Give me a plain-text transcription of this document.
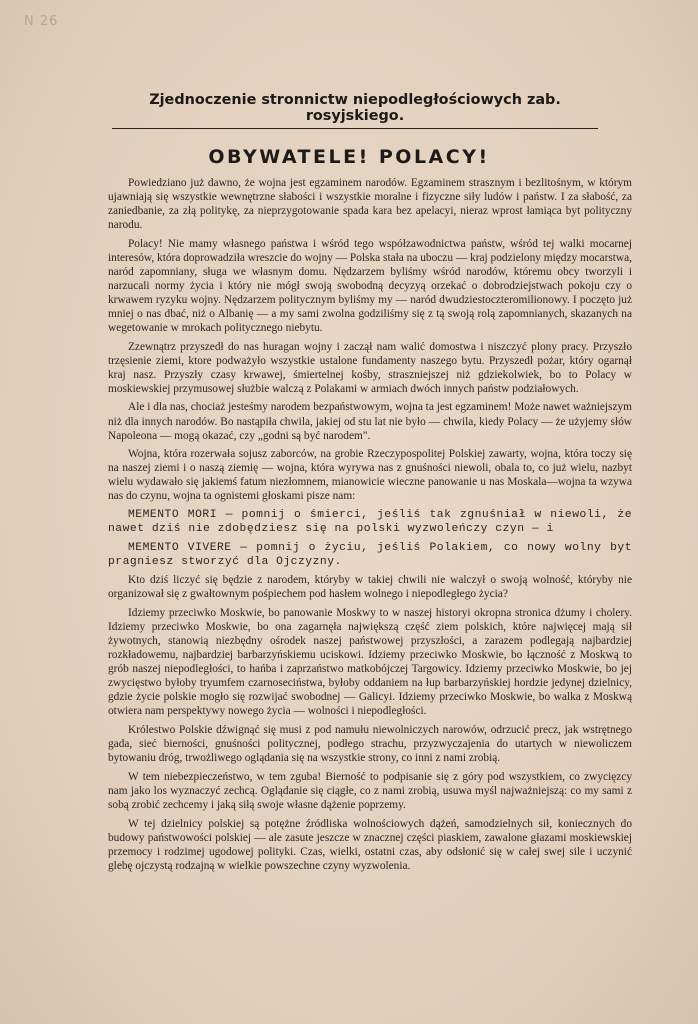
N 26
Zjednoczenie stronnictw niepodległościowych zab. rosyjskiego.
OBYWATELE! POLACY!

Powiedziano już dawno, że wojna jest egzaminem narodów. Egzaminem strasznym i bezlitośnym, w którym ujawniają się wszystkie wewnętrzne słabości i wszystkie moralne i fizyczne siły ludów i państw. I za słabość, za zaniedbanie, za złą politykę, za nieprzygotowanie spada kara bez apelacyi, nieraz wprost łamiąca byt polityczny narodu.

Polacy! Nie mamy własnego państwa i wśród tego współzawodnictwa państw, wśród tej walki mocarnej interesów, która doprowadziła wreszcie do wojny — Polska stała na uboczu — kraj podzielony między mocarstwa, naród zapomniany, sługa we własnym domu. Nędzarzem byliśmy wśród narodów, któremu obcy tworzyli i narzucali normy życia i który nie mógł swoją swobodną decyzyą orzekać o dobrodziejstwach pokoju czy o krwawem ryzyku wojny. Nędzarzem politycznym byliśmy my — naród dwudziestoczteromilionowy. I poczęto już mniej o nas dbać, niż o Albanię — a my sami zwolna godziliśmy się z tą swoją rolą zapomnianych, skazanych na wegetowanie w mrokach politycznego niebytu.

Zzewnątrz przyszedł do nas huragan wojny i zaczął nam walić domostwa i niszczyć plony pracy. Przyszło trzęsienie ziemi, ktore podważyło wszystkie ustalone fundamenty naszego bytu. Przyszedł pożar, który ogarnął kraj nasz. Przyszły czasy krwawej, śmiertelnej kośby, straszniejszej niż gdziekolwiek, bo to Polacy w moskiewskiej przymusowej służbie walczą z Polakami w armiach dwóch innych państw podziałowych.

Ale i dla nas, chociaż jesteśmy narodem bezpaństwowym, wojna ta jest egzaminem! Może nawet ważniejszym niż dla innych narodów. Bo nastąpiła chwila, jakiej od stu lat nie było — chwila, kiedy Polacy — że użyjemy słów Napoleona — mogą okazać, czy „godni są być narodem".

Wojna, która rozerwała sojusz zaborców, na grobie Rzeczypospolitej Polskiej zawarty, wojna, która toczy się na naszej ziemi i o naszą ziemię — wojna, która wyrywa nas z gnuśności niewoli, obala to, co już wielu, nazbyt wielu wydawało się jakiemś fatum niezłomnem, mianowicie wieczne panowanie u nas Moskala—wojna ta wzywa nas do czynu, wojna ta ognistemi głoskami pisze nam:

MEMENTO MORI — pomnij o śmierci, jeśliś tak zgnuśniał w niewoli, że nawet dziś nie zdobędziesz się na polski wyzwoleńczy czyn — i

MEMENTO VIVERE — pomnij o życiu, jeśliś Polakiem, co nowy wolny byt pragniesz stworzyć dla Ojczyzny.

Kto dziś liczyć się będzie z narodem, któryby w takiej chwili nie walczył o swoją wolność, któryby nie organizował się z gwałtownym pośpiechem pod hasłem wolnego i niepodległego życia?

Idziemy przeciwko Moskwie, bo panowanie Moskwy to w naszej historyi okropna stronica dżumy i cholery. Idziemy przeciwko Moskwie, bo ona zagarnęła największą część ziem polskich, które najwięcej mają sił żywotnych, stanowią niezbędny ośrodek naszej państwowej przyszłości, a zarazem podlegają najbardziej rozkładowemu, najbardziej barbarzyńskiemu uciskowi. Idziemy przeciwko Moskwie, bo łączność z Moskwą to grób naszej niepodległości, to hańba i zaprzaństwo matkobójczej Targowicy. Idziemy przeciwko Moskwie, bo jej zwycięstwo byłoby tryumfem czarnoseciństwa, byłoby oddaniem na łup barbarzyńskiej hordzie jedynej dzielnicy, gdzie życie polskie mogło się rozwijać swobodnej — Galicyi. Idziemy przeciwko Moskwie, bo walka z Moskwą otwiera nam perspektywy nowego życia — wolności i niepodległości.

Królestwo Polskie dźwignąć się musi z pod namułu niewolniczych narowów, odrzucić precz, jak wstrętnego gada, sieć bierności, gnuśności politycznej, podłego strachu, przyzwyczajenia do utartych w niewoliczem bytowaniu dróg, trwożliwego oglądania się na wszystkie strony, co inni z nami zrobią.

W tem niebezpieczeństwo, w tem zguba! Bierność to podpisanie się z góry pod wszystkiem, co zwycięzcy nam jako los wyznaczyć zechcą. Oglądanie się ciągłe, co z nami zrobią, usuwa myśl najważniejszą: co my sami z sobą zrobić zechcemy i jaką siłą swoje własne dążenie poprzemy.

W tej dzielnicy polskiej są potężne źródliska wolnościowych dążeń, samodzielnych sił, koniecznych do budowy państwowości polskiej — ale zasute jeszcze w znacznej części piaskiem, zawalone głazami moskiewskiej przemocy i rodzimej ugodowej polityki. Czas, wielki, ostatni czas, aby odsłonić się w całej swej sile i uczynić glebę ojczystą rodzajną w wielkie powszechne czyny wyzwolenia.
